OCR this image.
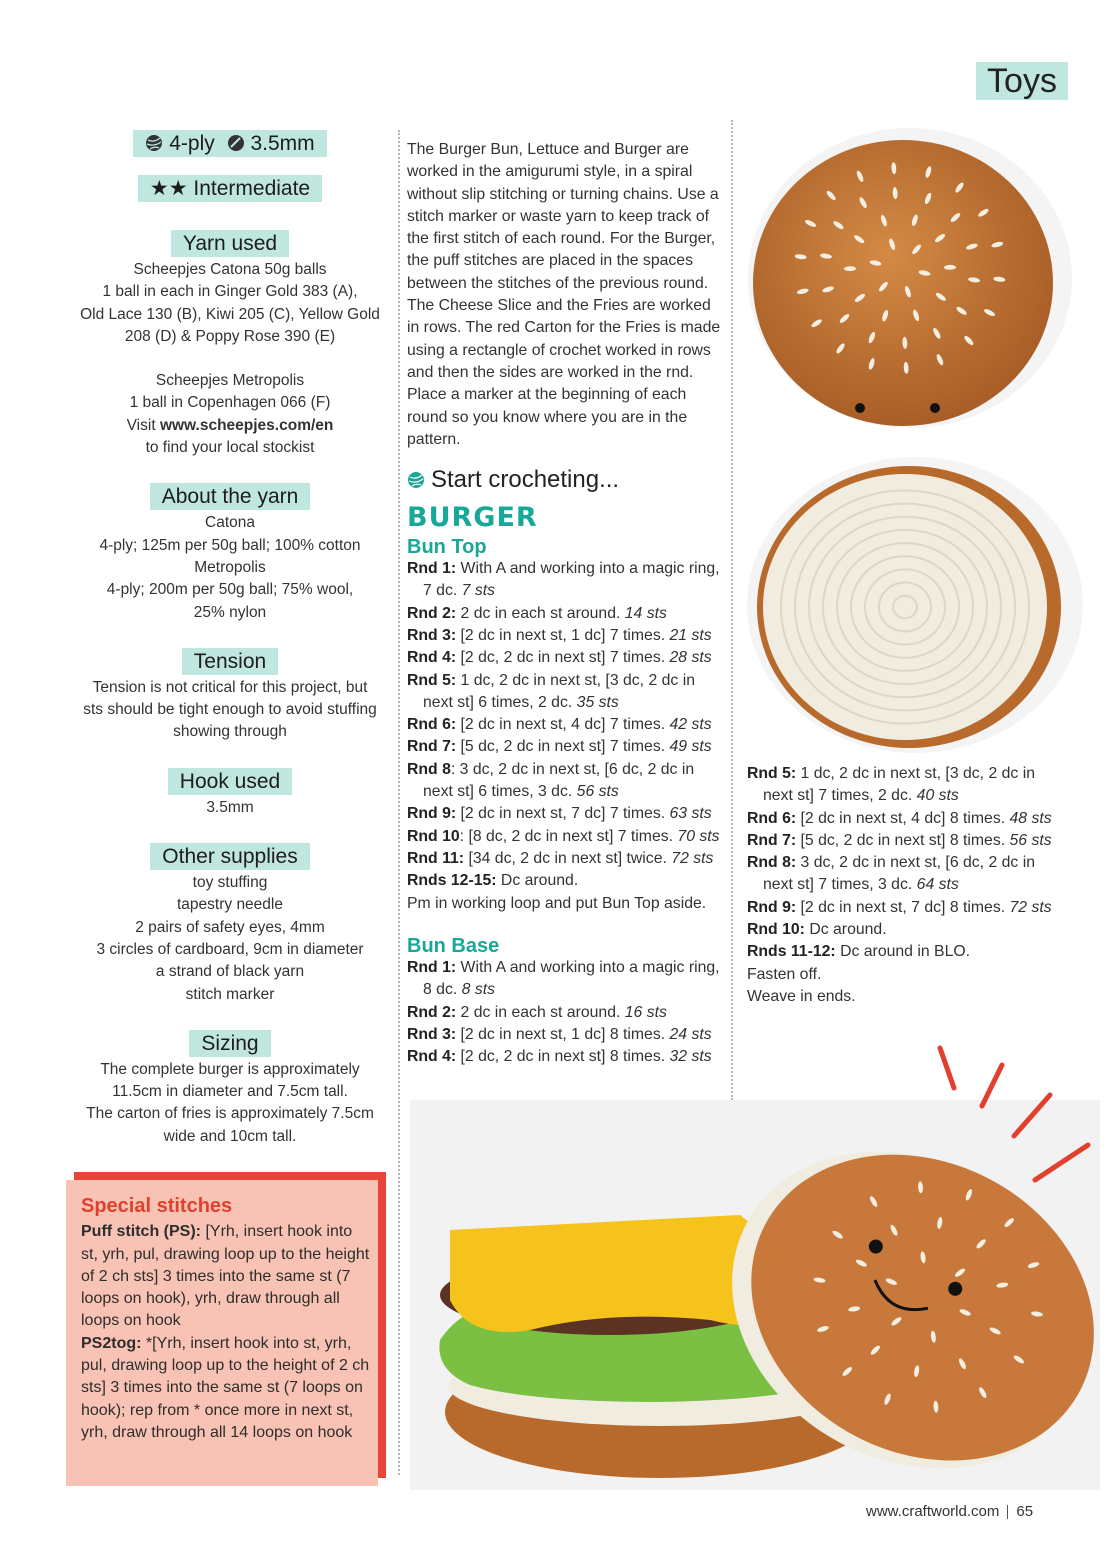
Toys
4-ply 3.5mm
★★ Intermediate
Yarn used
Scheepjes Catona 50g balls
1 ball in each in Ginger Gold 383 (A),
Old Lace 130 (B), Kiwi 205 (C), Yellow Gold
208 (D) & Poppy Rose 390 (E)
Scheepjes Metropolis
1 ball in Copenhagen 066 (F)
Visit www.scheepjes.com/en
to find your local stockist
About the yarn
Catona
4-ply; 125m per 50g ball; 100% cotton
Metropolis
4-ply; 200m per 50g ball; 75% wool,
25% nylon
Tension
Tension is not critical for this project, but
sts should be tight enough to avoid stuffing
showing through
Hook used
3.5mm
Other supplies
toy stuffing
tapestry needle
2 pairs of safety eyes, 4mm
3 circles of cardboard, 9cm in diameter
a strand of black yarn
stitch marker
Sizing
The complete burger is approximately
11.5cm in diameter and 7.5cm tall.
The carton of fries is approximately 7.5cm
wide and 10cm tall.
Special stitches
Puff stitch (PS): [Yrh, insert hook into st, yrh, pul, drawing loop up to the height of 2 ch sts] 3 times into the same st (7 loops on hook), yrh, draw through all loops on hook
PS2tog: *[Yrh, insert hook into st, yrh, pul, drawing loop up to the height of 2 ch sts] 3 times into the same st (7 loops on hook); rep from * once more in next st, yrh, draw through all 14 loops on hook
The Burger Bun, Lettuce and Burger are worked in the amigurumi style, in a spiral without slip stitching or turning chains. Use a stitch marker or waste yarn to keep track of the first stitch of each round. For the Burger, the puff stitches are placed in the spaces between the stitches of the previous round. The Cheese Slice and the Fries are worked in rows. The red Carton for the Fries is made using a rectangle of crochet worked in rows and then the sides are worked in the rnd. Place a marker at the beginning of each round so you know where you are in the pattern.
Start crocheting...
BURGER
Bun Top
Rnd 1: With A and working into a magic ring, 7 dc. 7 sts
Rnd 2: 2 dc in each st around. 14 sts
Rnd 3: [2 dc in next st, 1 dc] 7 times. 21 sts
Rnd 4: [2 dc, 2 dc in next st] 7 times. 28 sts
Rnd 5: 1 dc, 2 dc in next st, [3 dc, 2 dc in next st] 6 times, 2 dc. 35 sts
Rnd 6: [2 dc in next st, 4 dc] 7 times. 42 sts
Rnd 7: [5 dc, 2 dc in next st] 7 times. 49 sts
Rnd 8: 3 dc, 2 dc in next st, [6 dc, 2 dc in next st] 6 times, 3 dc. 56 sts
Rnd 9: [2 dc in next st, 7 dc] 7 times. 63 sts
Rnd 10: [8 dc, 2 dc in next st] 7 times. 70 sts
Rnd 11: [34 dc, 2 dc in next st] twice. 72 sts
Rnds 12-15: Dc around.
Pm in working loop and put Bun Top aside.
Bun Base
Rnd 1: With A and working into a magic ring, 8 dc. 8 sts
Rnd 2: 2 dc in each st around. 16 sts
Rnd 3: [2 dc in next st, 1 dc] 8 times. 24 sts
Rnd 4: [2 dc, 2 dc in next st] 8 times. 32 sts
Rnd 5: 1 dc, 2 dc in next st, [3 dc, 2 dc in next st] 7 times, 2 dc. 40 sts
Rnd 6: [2 dc in next st, 4 dc] 8 times. 48 sts
Rnd 7: [5 dc, 2 dc in next st] 8 times. 56 sts
Rnd 8: 3 dc, 2 dc in next st, [6 dc, 2 dc in next st] 7 times, 3 dc. 64 sts
Rnd 9: [2 dc in next st, 7 dc] 8 times. 72 sts
Rnd 10: Dc around.
Rnds 11-12: Dc around in BLO.
Fasten off.
Weave in ends.
www.craftworld.com 65
